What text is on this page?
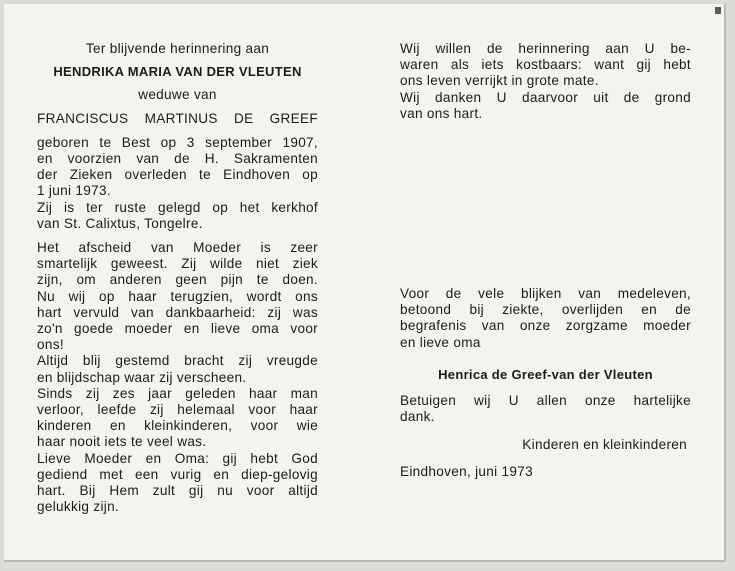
Ter blijvende herinnering aan
HENDRIKA MARIA VAN DER VLEUTEN
weduwe van
FRANCISCUS MARTINUS DE GREEF
geboren te Best op 3 september 1907,
en voorzien van de H. Sakramenten
der Zieken overleden te Eindhoven op
1 juni 1973.
Zij is ter ruste gelegd op het kerkhof
van St. Calixtus, Tongelre.
Het afscheid van Moeder is zeer
smartelijk geweest. Zij wilde niet ziek
zijn, om anderen geen pijn te doen.
Nu wij op haar terugzien, wordt ons
hart vervuld van dankbaarheid: zij was
zo'n goede moeder en lieve oma voor
ons!
Altijd blij gestemd bracht zij vreugde
en blijdschap waar zij verscheen.
Sinds zij zes jaar geleden haar man
verloor, leefde zij helemaal voor haar
kinderen en kleinkinderen, voor wie
haar nooit iets te veel was.
Lieve Moeder en Oma: gij hebt God
gediend met een vurig en diep-gelovig
hart. Bij Hem zult gij nu voor altijd
gelukkig zijn.
Wij willen de herinnering aan U be-
waren als iets kostbaars: want gij hebt
ons leven verrijkt in grote mate.
Wij danken U daarvoor uit de grond
van ons hart.
Voor de vele blijken van medeleven,
betoond bij ziekte, overlijden en de
begrafenis van onze zorgzame moeder
en lieve oma
Henrica de Greef-van der Vleuten
Betuigen wij U allen onze hartelijke
dank.
Kinderen en kleinkinderen
Eindhoven, juni 1973
